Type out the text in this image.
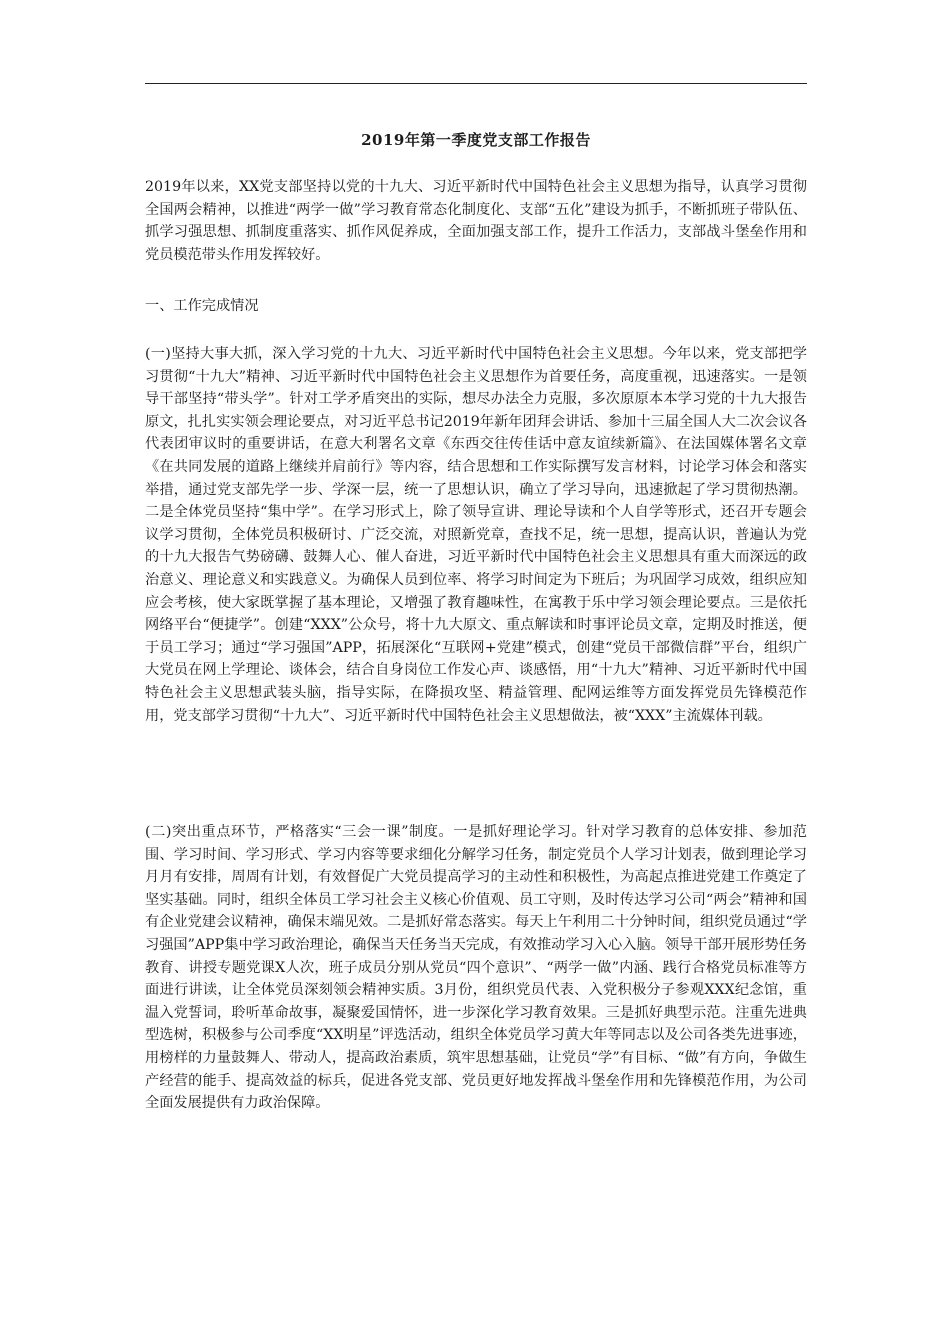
2019年第一季度党支部工作报告

2019年以来，XX党支部坚持以党的十九大、习近平新时代中国特色社会主义思想为指导，认真学习贯彻全国两会精神，以推进“两学一做”学习教育常态化制度化、支部“五化”建设为抓手，不断抓班子带队伍、抓学习强思想、抓制度重落实、抓作风促养成，全面加强支部工作，提升工作活力，支部战斗堡垒作用和党员模范带头作用发挥较好。

一、工作完成情况

(一)坚持大事大抓，深入学习党的十九大、习近平新时代中国特色社会主义思想。今年以来，党支部把学习贯彻“十九大”精神、习近平新时代中国特色社会主义思想作为首要任务，高度重视，迅速落实。一是领导干部坚持“带头学”。针对工学矛盾突出的实际，想尽办法全力克服，多次原原本本学习党的十九大报告原文，扎扎实实领会理论要点，对习近平总书记2019年新年团拜会讲话、参加十三届全国人大二次会议各代表团审议时的重要讲话，在意大利署名文章《东西交往传佳话中意友谊续新篇》、在法国媒体署名文章《在共同发展的道路上继续并肩前行》等内容，结合思想和工作实际撰写发言材料，讨论学习体会和落实举措，通过党支部先学一步、学深一层，统一了思想认识，确立了学习导向，迅速掀起了学习贯彻热潮。二是全体党员坚持“集中学”。在学习形式上，除了领导宣讲、理论导读和个人自学等形式，还召开专题会议学习贯彻，全体党员积极研讨、广泛交流，对照新党章，查找不足，统一思想，提高认识，普遍认为党的十九大报告气势磅礴、鼓舞人心、催人奋进，习近平新时代中国特色社会主义思想具有重大而深远的政治意义、理论意义和实践意义。为确保人员到位率、将学习时间定为下班后；为巩固学习成效，组织应知应会考核，使大家既掌握了基本理论，又增强了教育趣味性，在寓教于乐中学习领会理论要点。三是依托网络平台“便捷学”。创建“XXX”公众号，将十九大原文、重点解读和时事评论员文章，定期及时推送，便于员工学习；通过“学习强国”APP，拓展深化“互联网+党建”模式，创建“党员干部微信群”平台，组织广大党员在网上学理论、谈体会，结合自身岗位工作发心声、谈感悟，用“十九大”精神、习近平新时代中国特色社会主义思想武装头脑，指导实际，在降损攻坚、精益管理、配网运维等方面发挥党员先锋模范作用，党支部学习贯彻“十九大”、习近平新时代中国特色社会主义思想做法，被“XXX”主流媒体刊载。

(二)突出重点环节，严格落实“三会一课”制度。一是抓好理论学习。针对学习教育的总体安排、参加范围、学习时间、学习形式、学习内容等要求细化分解学习任务，制定党员个人学习计划表，做到理论学习月月有安排，周周有计划，有效督促广大党员提高学习的主动性和积极性，为高起点推进党建工作奠定了坚实基础。同时，组织全体员工学习社会主义核心价值观、员工守则，及时传达学习公司“两会”精神和国有企业党建会议精神，确保末端见效。二是抓好常态落实。每天上午利用二十分钟时间，组织党员通过“学习强国”APP集中学习政治理论，确保当天任务当天完成，有效推动学习入心入脑。领导干部开展形势任务教育、讲授专题党课X人次，班子成员分别从党员“四个意识”、“两学一做”内涵、践行合格党员标准等方面进行讲读，让全体党员深刻领会精神实质。3月份，组织党员代表、入党积极分子参观XXX纪念馆，重温入党誓词，聆听革命故事，凝聚爱国情怀，进一步深化学习教育效果。三是抓好典型示范。注重先进典型选树，积极参与公司季度“XX明星”评选活动，组织全体党员学习黄大年等同志以及公司各类先进事迹，用榜样的力量鼓舞人、带动人，提高政治素质，筑牢思想基础，让党员“学”有目标、“做”有方向，争做生产经营的能手、提高效益的标兵，促进各党支部、党员更好地发挥战斗堡垒作用和先锋模范作用，为公司全面发展提供有力政治保障。
